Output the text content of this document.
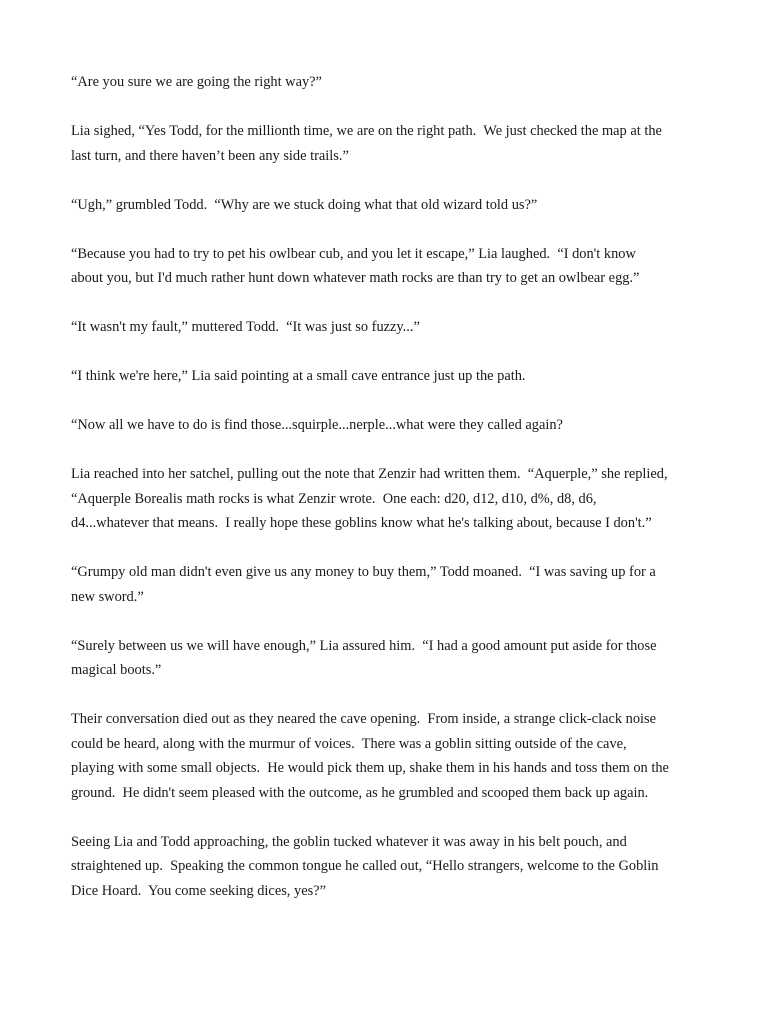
“Are you sure we are going the right way?”

Lia sighed, “Yes Todd, for the millionth time, we are on the right path.  We just checked the map at the
last turn, and there haven’t been any side trails.”

“Ugh,” grumbled Todd.  “Why are we stuck doing what that old wizard told us?”

“Because you had to try to pet his owlbear cub, and you let it escape,” Lia laughed.  “I don't know
about you, but I'd much rather hunt down whatever math rocks are than try to get an owlbear egg.”

“It wasn't my fault,” muttered Todd.  “It was just so fuzzy...”

“I think we're here,” Lia said pointing at a small cave entrance just up the path.

“Now all we have to do is find those...squirple...nerple...what were they called again?

Lia reached into her satchel, pulling out the note that Zenzir had written them.  “Aquerple,” she replied,
“Aquerple Borealis math rocks is what Zenzir wrote.  One each: d20, d12, d10, d%, d8, d6,
d4...whatever that means.  I really hope these goblins know what he's talking about, because I don't.”

“Grumpy old man didn't even give us any money to buy them,” Todd moaned.  “I was saving up for a
new sword.”

“Surely between us we will have enough,” Lia assured him.  “I had a good amount put aside for those
magical boots.”

Their conversation died out as they neared the cave opening.  From inside, a strange click-clack noise
could be heard, along with the murmur of voices.  There was a goblin sitting outside of the cave,
playing with some small objects.  He would pick them up, shake them in his hands and toss them on the
ground.  He didn't seem pleased with the outcome, as he grumbled and scooped them back up again.

Seeing Lia and Todd approaching, the goblin tucked whatever it was away in his belt pouch, and
straightened up.  Speaking the common tongue he called out, “Hello strangers, welcome to the Goblin
Dice Hoard.  You come seeking dices, yes?”
